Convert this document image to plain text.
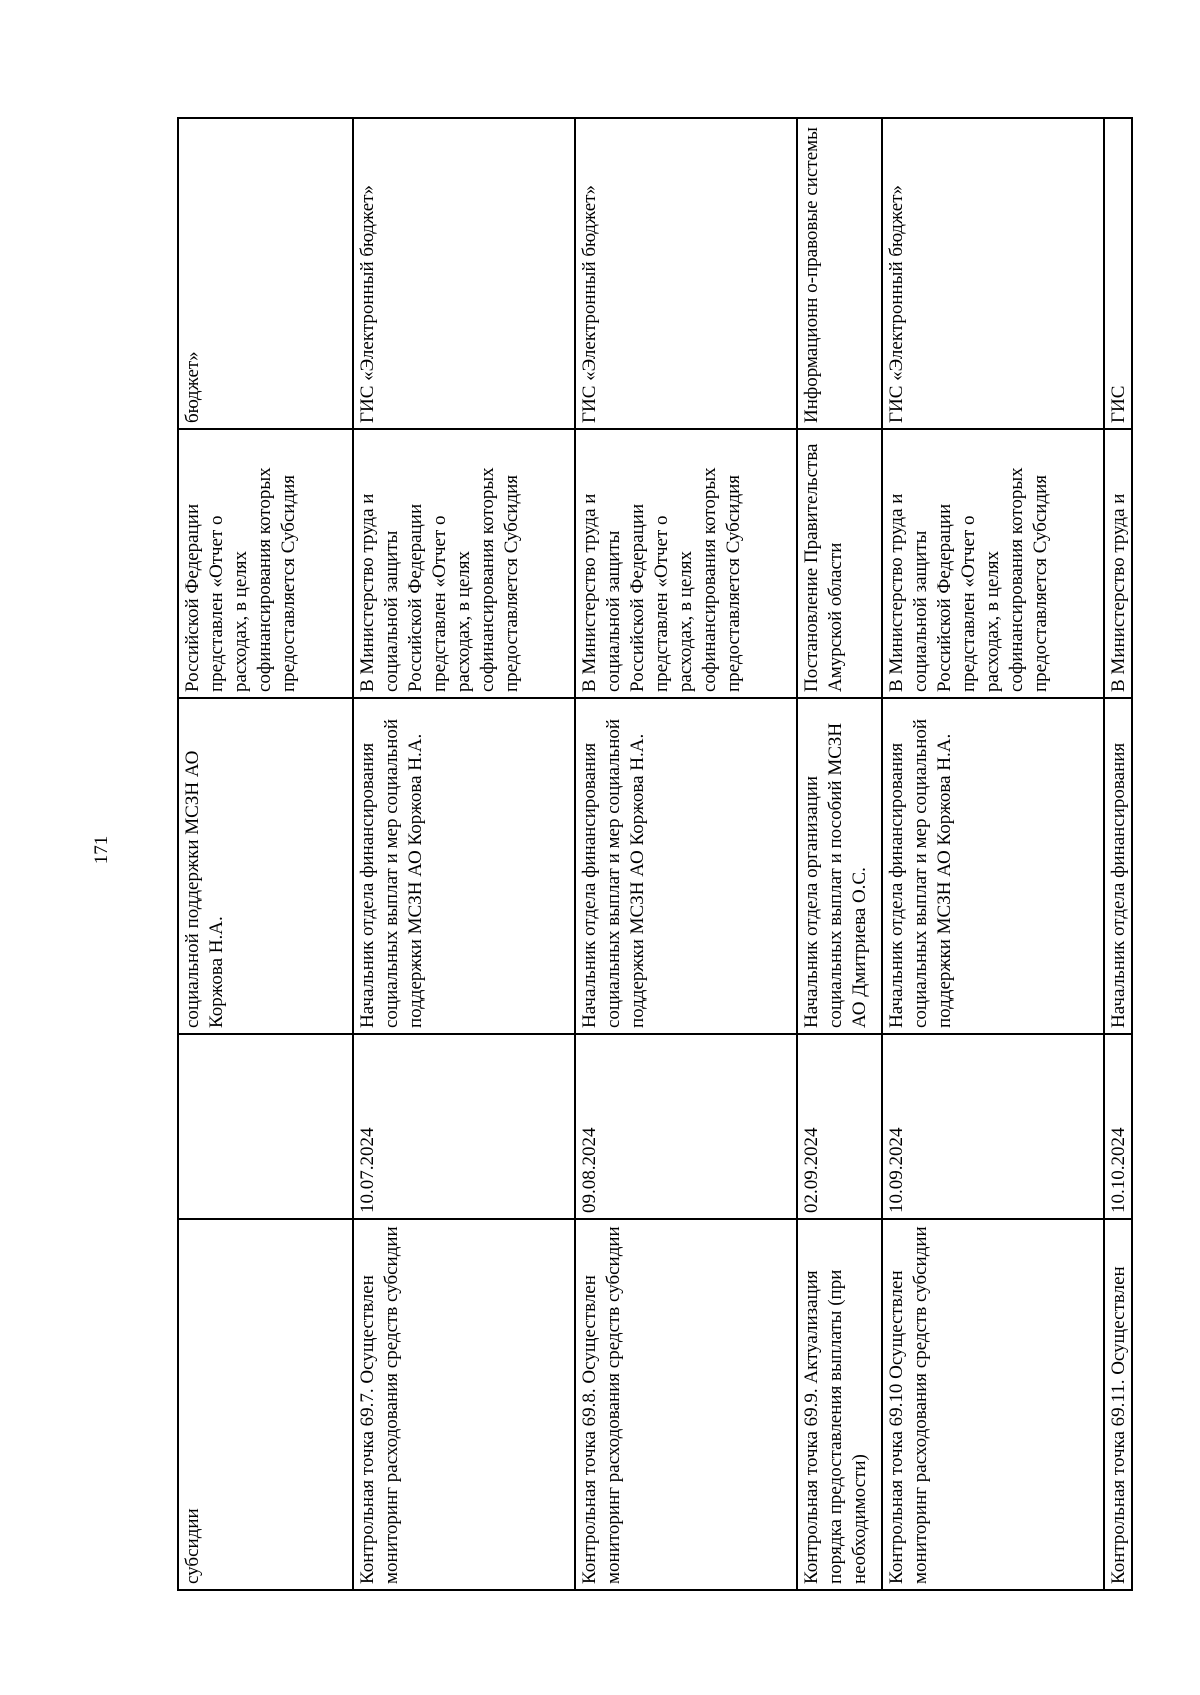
171
субсидии		социальной поддержки МСЗН АО Коржова Н.А.	Российской Федерации представлен «Отчет о расходах, в целях софинансирования которых предоставляется Субсидия	бюджет»
Контрольная точка 69.7. Осуществлен мониторинг расходования средств субсидии	10.07.2024	Начальник отдела финансирования социальных выплат и мер социальной поддержки МСЗН АО Коржова Н.А.	В Министерство труда и социальной защиты Российской Федерации представлен «Отчет о расходах, в целях софинансирования которых предоставляется Субсидия	ГИС «Электронный бюджет»
Контрольная точка 69.8. Осуществлен мониторинг расходования средств субсидии	09.08.2024	Начальник отдела финансирования социальных выплат и мер социальной поддержки МСЗН АО Коржова Н.А.	В Министерство труда и социальной защиты Российской Федерации представлен «Отчет о расходах, в целях софинансирования которых предоставляется Субсидия	ГИС «Электронный бюджет»
Контрольная точка 69.9. Актуализация порядка предоставления выплаты (при необходимости)	02.09.2024	Начальник отдела организации социальных выплат и пособий МСЗН АО Дмитриева О.С.	Постановление Правительства Амурской области	Информационн о-правовые системы
Контрольная точка 69.10 Осуществлен мониторинг расходования средств субсидии	10.09.2024	Начальник отдела финансирования социальных выплат и мер социальной поддержки МСЗН АО Коржова Н.А.	В Министерство труда и социальной защиты Российской Федерации представлен «Отчет о расходах, в целях софинансирования которых предоставляется Субсидия	ГИС «Электронный бюджет»
Контрольная точка 69.11. Осуществлен	10.10.2024	Начальник отдела финансирования	В Министерство труда и	ГИС
